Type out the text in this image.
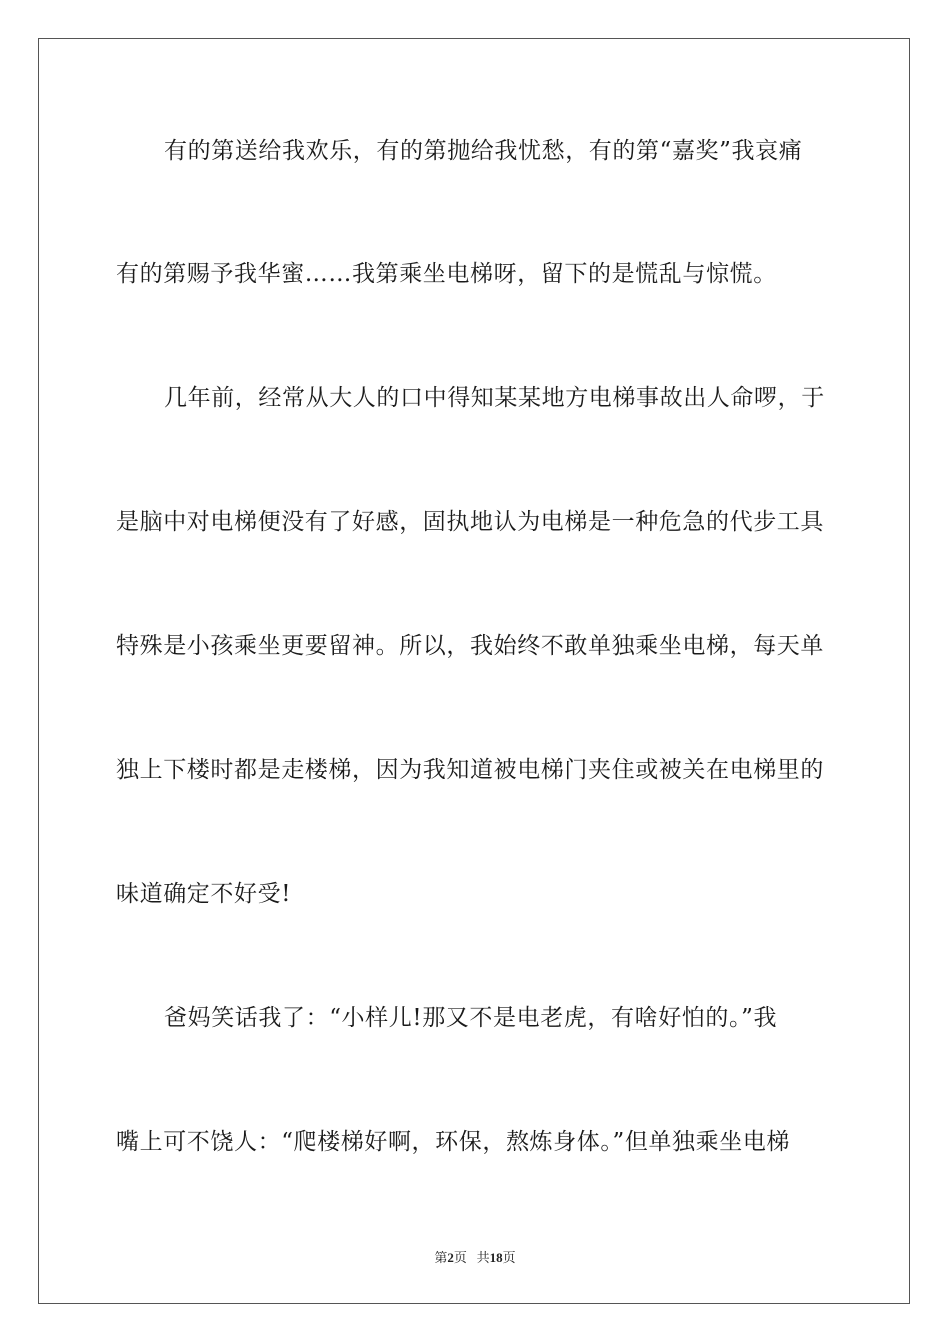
有的第送给我欢乐，有的第抛给我忧愁，有的第“嘉奖”我哀痛
有的第赐予我华蜜……我第乘坐电梯呀，留下的是慌乱与惊慌。
几年前，经常从大人的口中得知某某地方电梯事故出人命啰，于
是脑中对电梯便没有了好感，固执地认为电梯是一种危急的代步工具
特殊是小孩乘坐更要留神。所以，我始终不敢单独乘坐电梯，每天单
独上下楼时都是走楼梯，因为我知道被电梯门夹住或被关在电梯里的
味道确定不好受!
爸妈笑话我了：“小样儿!那又不是电老虎，有啥好怕的。”我
嘴上可不饶人：“爬楼梯好啊，环保，熬炼身体。”但单独乘坐电梯
第2页 共18页
